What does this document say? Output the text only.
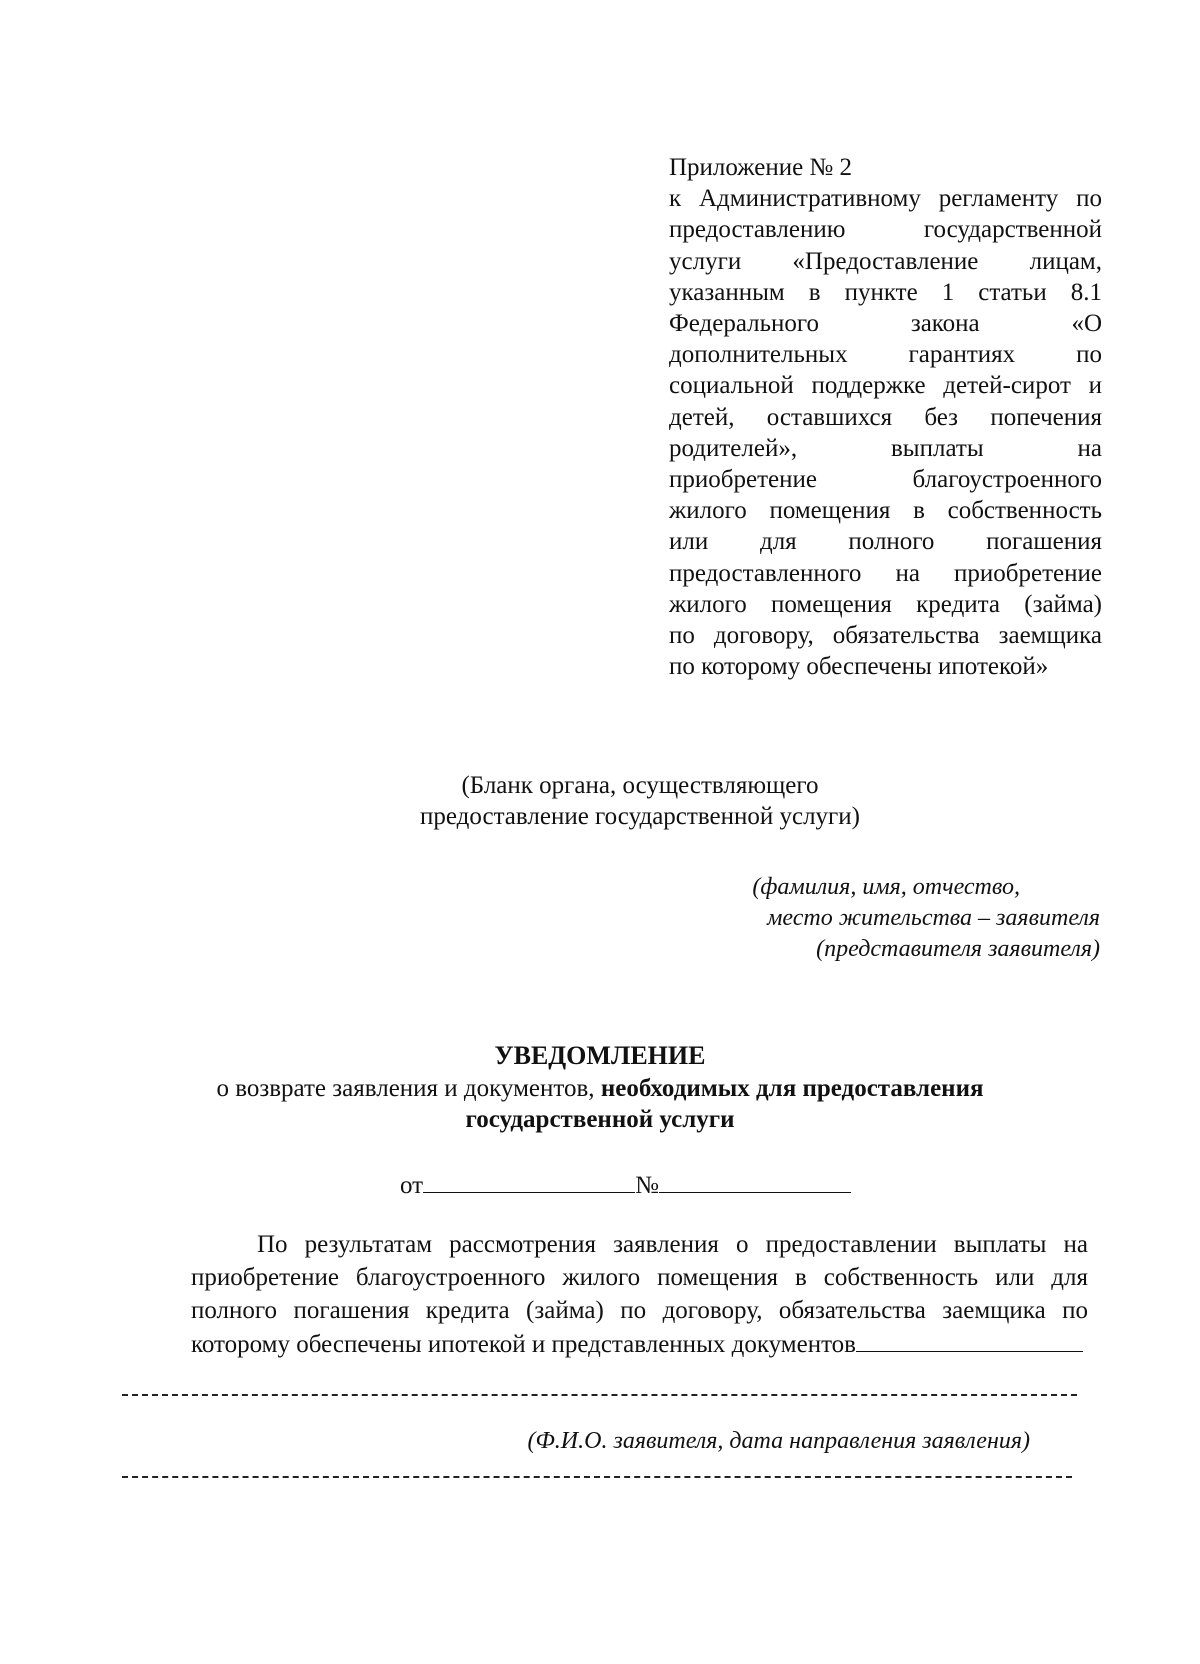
Приложение № 2
к Административному регламенту по
предоставлению государственной
услуги «Предоставление лицам,
указанным в пункте 1 статьи 8.1
Федерального закона «О
дополнительных гарантиях по
социальной поддержке детей-сирот и
детей, оставшихся без попечения
родителей», выплаты на
приобретение благоустроенного
жилого помещения в собственность
или для полного погашения
предоставленного на приобретение
жилого помещения кредита (займа)
по договору, обязательства заемщика
по которому обеспечены ипотекой»
(Бланк органа, осуществляющего
предоставление государственной услуги)
(фамилия, имя, отчество,
место жительства – заявителя
(представителя заявителя)
УВЕДОМЛЕНИЕ
о возврате заявления и документов, необходимых для предоставления
государственной услуги
от	№
По результатам рассмотрения заявления о предоставлении выплаты на
приобретение благоустроенного жилого помещения в собственность или для
полного погашения кредита (займа) по договору, обязательства заемщика по
которому обеспечены ипотекой и представленных документов
(Ф.И.О. заявителя, дата направления заявления)
